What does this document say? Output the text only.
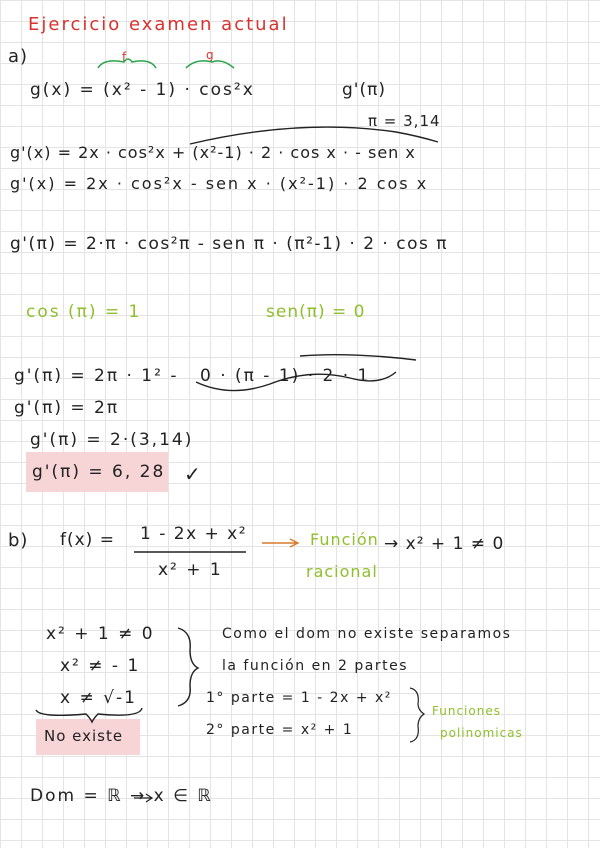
Ejercicio examen actual
a)	f	g
g(x) = (x² - 1) · cos²x	g'(π)
π = 3,14
g'(x) = 2x · cos²x + (x²-1) · 2 · cos x · - sen x
g'(x) = 2x · cos²x - sen x · (x²-1) · 2 cos x
g'(π) = 2·π · cos²π - sen π · (π²-1) · 2 · cos π
cos (π) = 1	sen(π) = 0
g'(π) = 2π · 1² - 0 · (π - 1) · 2 · 1
g'(π) = 2π
g'(π) = 2·(3,14)
g'(π) = 6, 28 ✓
b) f(x) = 1 - 2x + x²
x² + 1
Función
racional
→ x² + 1 ≠ 0
x² + 1 ≠ 0
x² ≠ - 1
x ≠ √-1
No existe
Como el dom no existe separamos
la función en 2 partes
1° parte = 1 - 2x + x²
2° parte = x² + 1
Funciones
polinomicas
Dom = ℝ → x ∈ ℝ
